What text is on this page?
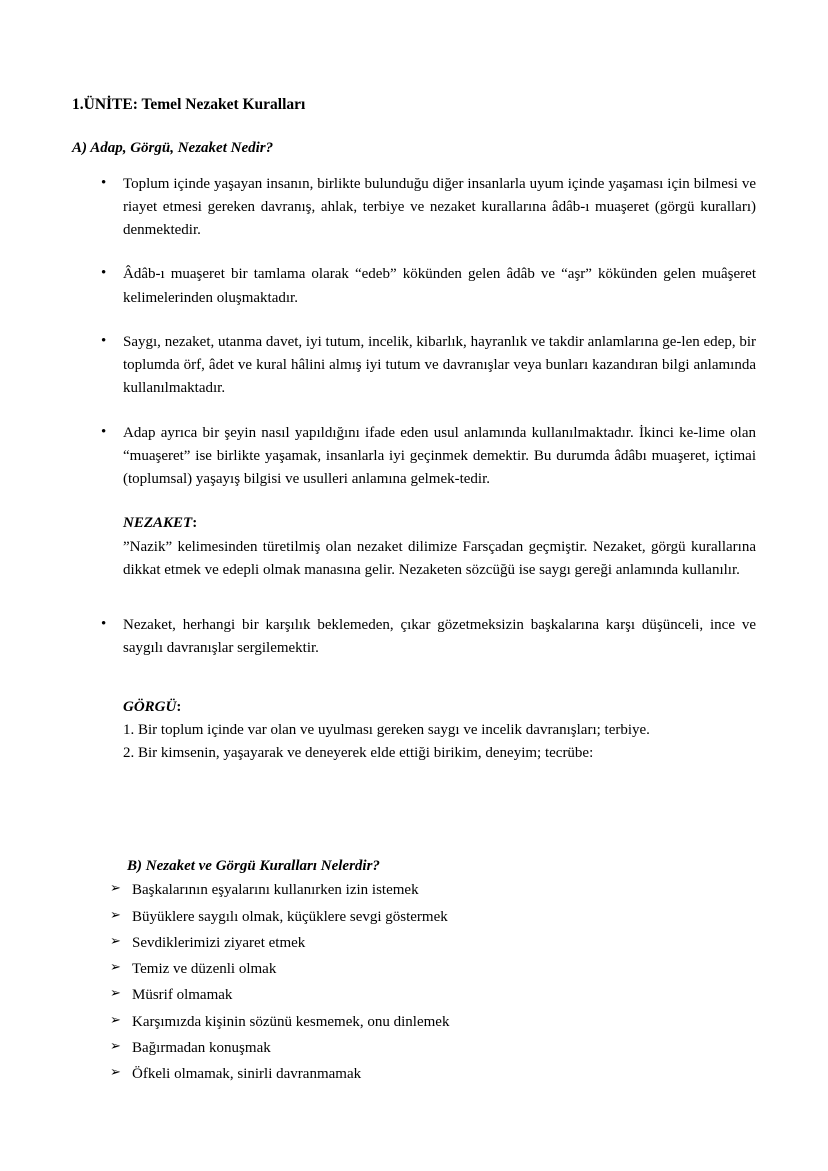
1.ÜNİTE: Temel Nezaket Kuralları
A) Adap, Görgü, Nezaket Nedir?
• Toplum içinde yaşayan insanın, birlikte bulunduğu diğer insanlarla uyum içinde yaşaması için bilmesi ve riayet etmesi gereken davranış, ahlak, terbiye ve nezaket kurallarına âdâb-ı muaşeret (görgü kuralları) denmektedir.
• Âdâb-ı muaşeret bir tamlama olarak “edeb” kökünden gelen âdâb ve “aşr” kökünden gelen muâşeret kelimelerinden oluşmaktadır.
• Saygı, nezaket, utanma davet, iyi tutum, incelik, kibarlık, hayranlık ve takdir anlamlarına ge-len edep, bir toplumda örf, âdet ve kural hâlini almış iyi tutum ve davranışlar veya bunları kazandıran bilgi anlamında kullanılmaktadır.
• Adap ayrıca bir şeyin nasıl yapıldığını ifade eden usul anlamında kullanılmaktadır. İkinci ke-lime olan “muaşeret” ise birlikte yaşamak, insanlarla iyi geçinmek demektir. Bu durumda âdâbı muaşeret, içtimai (toplumsal) yaşayış bilgisi ve usulleri anlamına gelmek-tedir.
NEZAKET:
”Nazik” kelimesinden türetilmiş olan nezaket dilimize Farsçadan geçmiştir. Nezaket, görgü kurallarına dikkat etmek ve edepli olmak manasına gelir. Nezaketen sözcüğü ise saygı gereği anlamında kullanılır.
• Nezaket, herhangi bir karşılık beklemeden, çıkar gözetmeksizin başkalarına karşı düşünceli, ince ve saygılı davranışlar sergilemektir.
GÖRGÜ:
1. Bir toplum içinde var olan ve uyulması gereken saygı ve incelik davranışları; terbiye.
2. Bir kimsenin, yaşayarak ve deneyerek elde ettiği birikim, deneyim; tecrübe:
B) Nezaket ve Görgü Kuralları Nelerdir?
➢ Başkalarının eşyalarını kullanırken izin istemek
➢ Büyüklere saygılı olmak, küçüklere sevgi göstermek
➢ Sevdiklerimizi ziyaret etmek
➢ Temiz ve düzenli olmak
➢ Müsrif olmamak
➢ Karşımızda kişinin sözünü kesmemek, onu dinlemek
➢ Bağırmadan konuşmak
➢ Öfkeli olmamak, sinirli davranmamak
